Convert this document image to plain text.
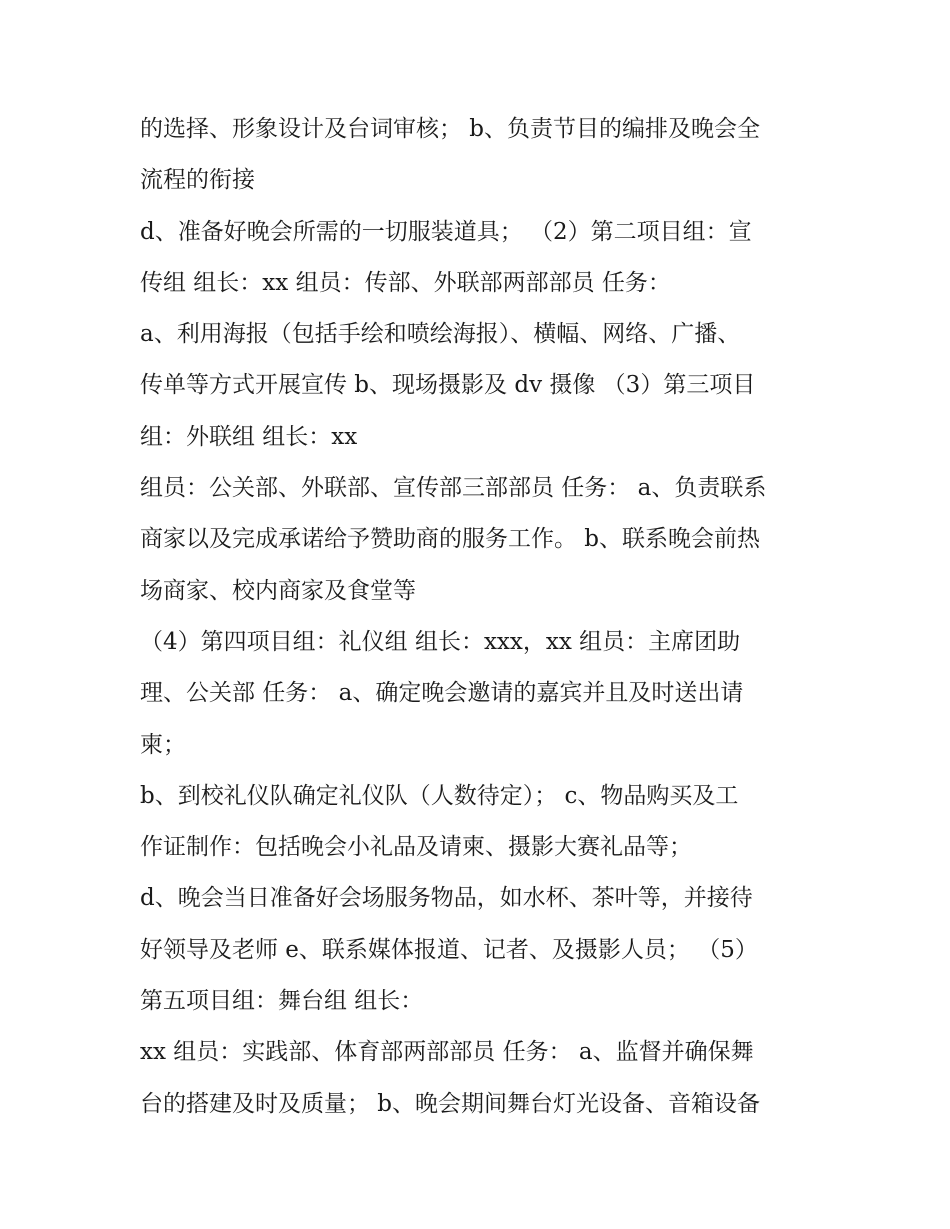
的选择、形象设计及台词审核； b、负责节目的编排及晚会全
流程的衔接
d、准备好晚会所需的一切服装道具； （2）第二项目组：宣
传组 组长：xx 组员：传部、外联部两部部员 任务：
a、利用海报（包括手绘和喷绘海报）、横幅、网络、广播、
传单等方式开展宣传 b、现场摄影及 dv 摄像 （3）第三项目
组：外联组 组长：xx
组员：公关部、外联部、宣传部三部部员 任务： a、负责联系
商家以及完成承诺给予赞助商的服务工作。 b、联系晚会前热
场商家、校内商家及食堂等
（4）第四项目组：礼仪组 组长：xxx，xx 组员：主席团助
理、公关部 任务： a、确定晚会邀请的嘉宾并且及时送出请
柬；
b、到校礼仪队确定礼仪队（人数待定）； c、物品购买及工
作证制作：包括晚会小礼品及请柬、摄影大赛礼品等；
d、晚会当日准备好会场服务物品，如水杯、茶叶等，并接待
好领导及老师 e、联系媒体报道、记者、及摄影人员； （5）
第五项目组：舞台组 组长：
xx 组员：实践部、体育部两部部员 任务： a、监督并确保舞
台的搭建及时及质量； b、晚会期间舞台灯光设备、音箱设备
